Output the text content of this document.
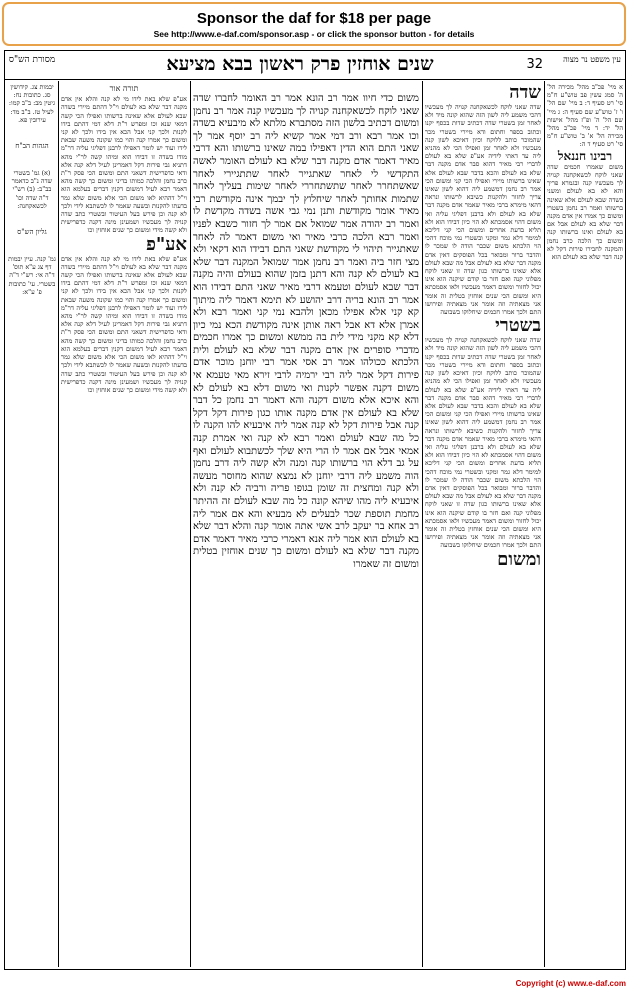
Sponsor the daf for $18 per page
See http://www.e-daf.com/sponsor.asp - or click the sponsor button - for details
עין משפט נר מצוה
32
שנים אוחזין פרק ראשון בבא מציעא
מסורת הש"ס

א מיי' פכ"ב מהל' מכירה הל' ה' סמג עשין פב טוש"ע ח"מ סי' רט סעיף ד: ב מיי' שם הל' ו' ז' טוש"ע שם סעיף ה: ג מיי' שם הל' ה' ופ"ז מהל' אישות הל' יד: ד מיי' פכ"ב מהל' מכירה הל' א' ב' טוש"ע ח"מ סי' רט סעיף ד ה:

רבינו חננאל

משום שאמרו חכמים שדה שאני לוקח לכשאקחנה קנויה לך מעכשיו קנה ובגמרא פריך והא לא בא לעולם ומשני בשדה שבא לעולם אלא שאינה ברשותו ואמר רב נחמן בשטרי ומשום כך אמרו אין אדם מקנה דבר שלא בא לעולם אבל אם בא לעולם ואינו ברשותו קנה ומשום כך הלכה כרב נחמן והמקנה לחבירו פירות דקל לא קנה דבר שלא בא לעולם הוא

שדה

שדה שאני לוקח לכשאקחנה קנויה לך מעכשיו דהכי משמע ליה לשון הזה שהוא קונה מיד ולא לאחר זמן בשטרי שדה דכתיב שדות בכסף יקנו וכתוב בספר וחתום ודא מיירי בשטרי מכר שהמוכר כותב ללוקח וכיון דאיכא לשון קנה מעכשיו ולא לאחר זמן ואפילו הכי לא מהניא ליה עד דאתי לידיה אע"פ שלא בא לעולם לדברי רבי מאיר דהוא סבר אדם מקנה דבר שלא בא לעולם והכא בדבר שבא לעולם אלא שאינו ברשותו מיירי ואפילו הכי קני ומשום הכי אמר רב נחמן דמשמע ליה דהוא לשון שאינו צריך לחזור ולהקנות כשיבא לרשותו ונראה דהאי מימרא ברבי מאיר שאמר אדם מקנה דבר שלא בא לעולם ולא ברבנן דפליגי עליה ואי משום דהוי אסמכתא לא הוי כיון דבידו הוא ולא תליא בדעת אחרים ומשום הכי קני דליכא למימר דלא גמר ומקני ובשטרי נמי מוכח דהכי הוי הלכתא משום שכבר הודה לו שמכר לו והדבר ברור ומבואר בכל הפוסקים דאין אדם מקנה דבר שלא בא לעולם אבל מה שבא לעולם אלא שאינו ברשותו כגון שדה זו שאני לוקח מפלוני קנה ואם חזר בו קודם שיקנה הוא אינו יכול לחזור ומשום דאמר מעכשיו ולאו אסמכתא היא ומשום הכי שנים אוחזין בטלית זה אומר אני מצאתיה וזה אומר אני מצאתיה ופירושו התם ולכך אמרו חכמים שיחלוקו בשבועה

בשטרי

שדה שאני לוקח לכשאקחנה קנויה לך מעכשיו דהכי משמע ליה לשון הזה שהוא קונה מיד ולא לאחר זמן בשטרי שדה דכתיב שדות בכסף יקנו וכתוב בספר וחתום ודא מיירי בשטרי מכר שהמוכר כותב ללוקח וכיון דאיכא לשון קנה מעכשיו ולא לאחר זמן ואפילו הכי לא מהניא ליה עד דאתי לידיה אע"פ שלא בא לעולם לדברי רבי מאיר דהוא סבר אדם מקנה דבר שלא בא לעולם והכא בדבר שבא לעולם אלא שאינו ברשותו מיירי ואפילו הכי קני ומשום הכי אמר רב נחמן דמשמע ליה דהוא לשון שאינו צריך לחזור ולהקנות כשיבא לרשותו ונראה דהאי מימרא ברבי מאיר שאמר אדם מקנה דבר שלא בא לעולם ולא ברבנן דפליגי עליה ואי משום דהוי אסמכתא לא הוי כיון דבידו הוא ולא תליא בדעת אחרים ומשום הכי קני דליכא למימר דלא גמר ומקני ובשטרי נמי מוכח דהכי הוי הלכתא משום שכבר הודה לו שמכר לו והדבר ברור ומבואר בכל הפוסקים דאין אדם מקנה דבר שלא בא לעולם אבל מה שבא לעולם אלא שאינו ברשותו כגון שדה זו שאני לוקח מפלוני קנה ואם חזר בו קודם שיקנה הוא אינו יכול לחזור ומשום דאמר מעכשיו ולאו אסמכתא היא ומשום הכי שנים אוחזין בטלית זה אומר אני מצאתיה וזה אומר אני מצאתיה ופירושו התם ולכך אמרו חכמים שיחלוקו בשבועה

ומשום

משום כדי חיוו אמר רב הונא אמר רב האומר לחברו שדה שאני לוקח לכשאקחנה קנויה לך מעכשיו קנה אמר רב נחמן ומשום דכתיב בלשון הזה מסתברא מלתא לא מיבעיא בשדה וכו אמר רבא ורב דמי אמר קשיא ליה רב יוסף אמר לך שאני התם הוא הדין דאפילו במה שאינו ברשותו והא דרבי מאיר דאמר אדם מקנה דבר שלא בא לעולם האומר לאשה התקדשי לי לאחר שאתגייר לאחר שתתגיירי לאחר שאשתחרר לאחר שתשתחררי לאחר שימות בעליך לאחר שתמות אחותך לאחר שיחלוץ לך יבמך אינה מקודשת רבי מאיר אומר מקודשת ותנן נמי גבי אשה בשדה מקדשת לו ואמר רב יהודה אמר שמואל אם אמר לך חזור כשבא לפניו ואמר רבא הלכה כרבי מאיר ואי משום דאמר לה לאחר שאתגייר תיהוי לי מקודשת שאני התם דבידו הוא דקאי ולא מצי חזר ביה ואמר רב נחמן אמר שמואל המקנה דבר שלא בא לעולם לא קנה והא דתנן בזמן שהוא בעולם והיה מקנה דבר שבא לעולם וטעמא דרבי מאיר שאני התם דבידו הוא אמר רב הונא בריה דרב יהושע לא תימא דאמר ליה מיתוך קא קני אלא אפילו מכאן ולהבא נמי קני ואמר רבא ולא אמרן אלא דא אבל ראה אותן אינה מקודשת הכא נמי כיון דלא קא מקני מידי לית בה ממשא ומשום כך אמרו חכמים מדברי סופרים אין אדם מקנה דבר שלא בא לעולם ולית הלכתא ככולהו אמר רב אסי אמר רבי יוחנן מוכר אדם פירות דקל אמר ליה רבי ירמיה לרבי זירא מאי טעמא אי משום דקנה אפשר לקנות ואי משום דלא בא לעולם לא והא איכא אלא משום דקנה והא דאמר רב נחמן כל דבר שלא בא לעולם אין אדם מקנה אותו כגון פירות דקל דקל קנה אבל פירות דקל לא קנה אמר ליה איבעיא להו הקנה לו כל מה שבא לעולם ואמר רבא לא קנה ואי אמרת קנה אמאי אבל אם אמר לו הרי היא שלך לכשתבוא לעולם ואף על גב דלא הוי ברשותו קנה ומנה ולא קשה ליה דרב נחמן הוה משמע ליה דרבי יוחנן לא נמצא שהוא מחוסר מעשה ולא קנה ומחצית זה שומן בגופו פריה ורביה לא קנה ולא איבעיא ליה מהו שיהא קונה כל מה שבא לעולם זה ההיתר מחמת תוספת שכר לבעלים לא מבעיא והא אם אמר ליה רב אחא בר יעקב לרב אשי אתה אומר קנה והלא דבר שלא בא לעולם הוא אמר ליה אנא דאמרי כרבי מאיר דאמר אדם מקנה דבר שלא בא לעולם ומשום כך שנים אוחזין בטלית ומשום זה שאמרו

תורה אור

אע"פ שלא באת לידו מי לא קנה והלא אין אדם מקנה דבר שלא בא לעולם וי"ל דהתם מיירי בשדה שבא לעולם אלא שאינה ברשותו ואפילו הכי קשה דמאי שנא וכו ומפרש ר"ת דלא דמי דהתם בידו לקנות ולכך קני אבל הכא אין בידו ולכך לא קני ומשום כך אמרו קנה והוי כמו שקונה משעה שבאת לידו ועוד יש לומר דאפילו לרבנן דפליגי עליה דר"מ מודו בשדה זו דבידו הוא ומיהו קשה לר"י מהא דתניא גבי פירות דקל דאמרינן לעיל דלא קנה אלא ודאי כדפרישית דשאני התם ומשום הכי פסק ר"ת כרב נחמן והלכה כמותו בדיני ומשום כך קשה מהא דאמר רבא לעיל דמשום דקנין דברים בעלמא הוא וי"ל דההיא לאו משום הכי אלא משום שלא גמר בדעתו להקנות ובשעה שאמר לו לכשתבא לידי ולכך לא קנה וכן פירש בעל העיטור ובשטרי כתב שדה קנויה לך מעכשיו ושמעינן מינה דקנה כדפרישית ולא קשה מידי ומשום כך שנים אוחזין וכו

אע"פ

אע"פ שלא באת לידו מי לא קנה והלא אין אדם מקנה דבר שלא בא לעולם וי"ל דהתם מיירי בשדה שבא לעולם אלא שאינה ברשותו ואפילו הכי קשה דמאי שנא וכו ומפרש ר"ת דלא דמי דהתם בידו לקנות ולכך קני אבל הכא אין בידו ולכך לא קני ומשום כך אמרו קנה והוי כמו שקונה משעה שבאת לידו ועוד יש לומר דאפילו לרבנן דפליגי עליה דר"מ מודו בשדה זו דבידו הוא ומיהו קשה לר"י מהא דתניא גבי פירות דקל דאמרינן לעיל דלא קנה אלא ודאי כדפרישית דשאני התם ומשום הכי פסק ר"ת כרב נחמן והלכה כמותו בדיני ומשום כך קשה מהא דאמר רבא לעיל דמשום דקנין דברים בעלמא הוא וי"ל דההיא לאו משום הכי אלא משום שלא גמר בדעתו להקנות ובשעה שאמר לו לכשתבא לידי ולכך לא קנה וכן פירש בעל העיטור ובשטרי כתב שדה קנויה לך מעכשיו ושמעינן מינה דקנה כדפרישית ולא קשה מידי ומשום כך שנים אוחזין וכו

יבמות צג. קידושין סג. כתובות נח: גיטין מב: ב"ב קמו: לעיל טז. ב"ב מד: עירובין פא.

הגהות הב"ח

(א) גמ' בשטרי שדה נ"ב כדאמר בב"ב: (ב) רש"י ד"ה שדה וכו' לכשאקחנה:

גליון הש"ס

גמ' קנה. עיין יבמות דף צג ע"א תוס' ד"ה אי: רש"י ד"ה בשטרי. עי' כתובות פ' ע"א:

Copyright (c) www.e-daf.com
